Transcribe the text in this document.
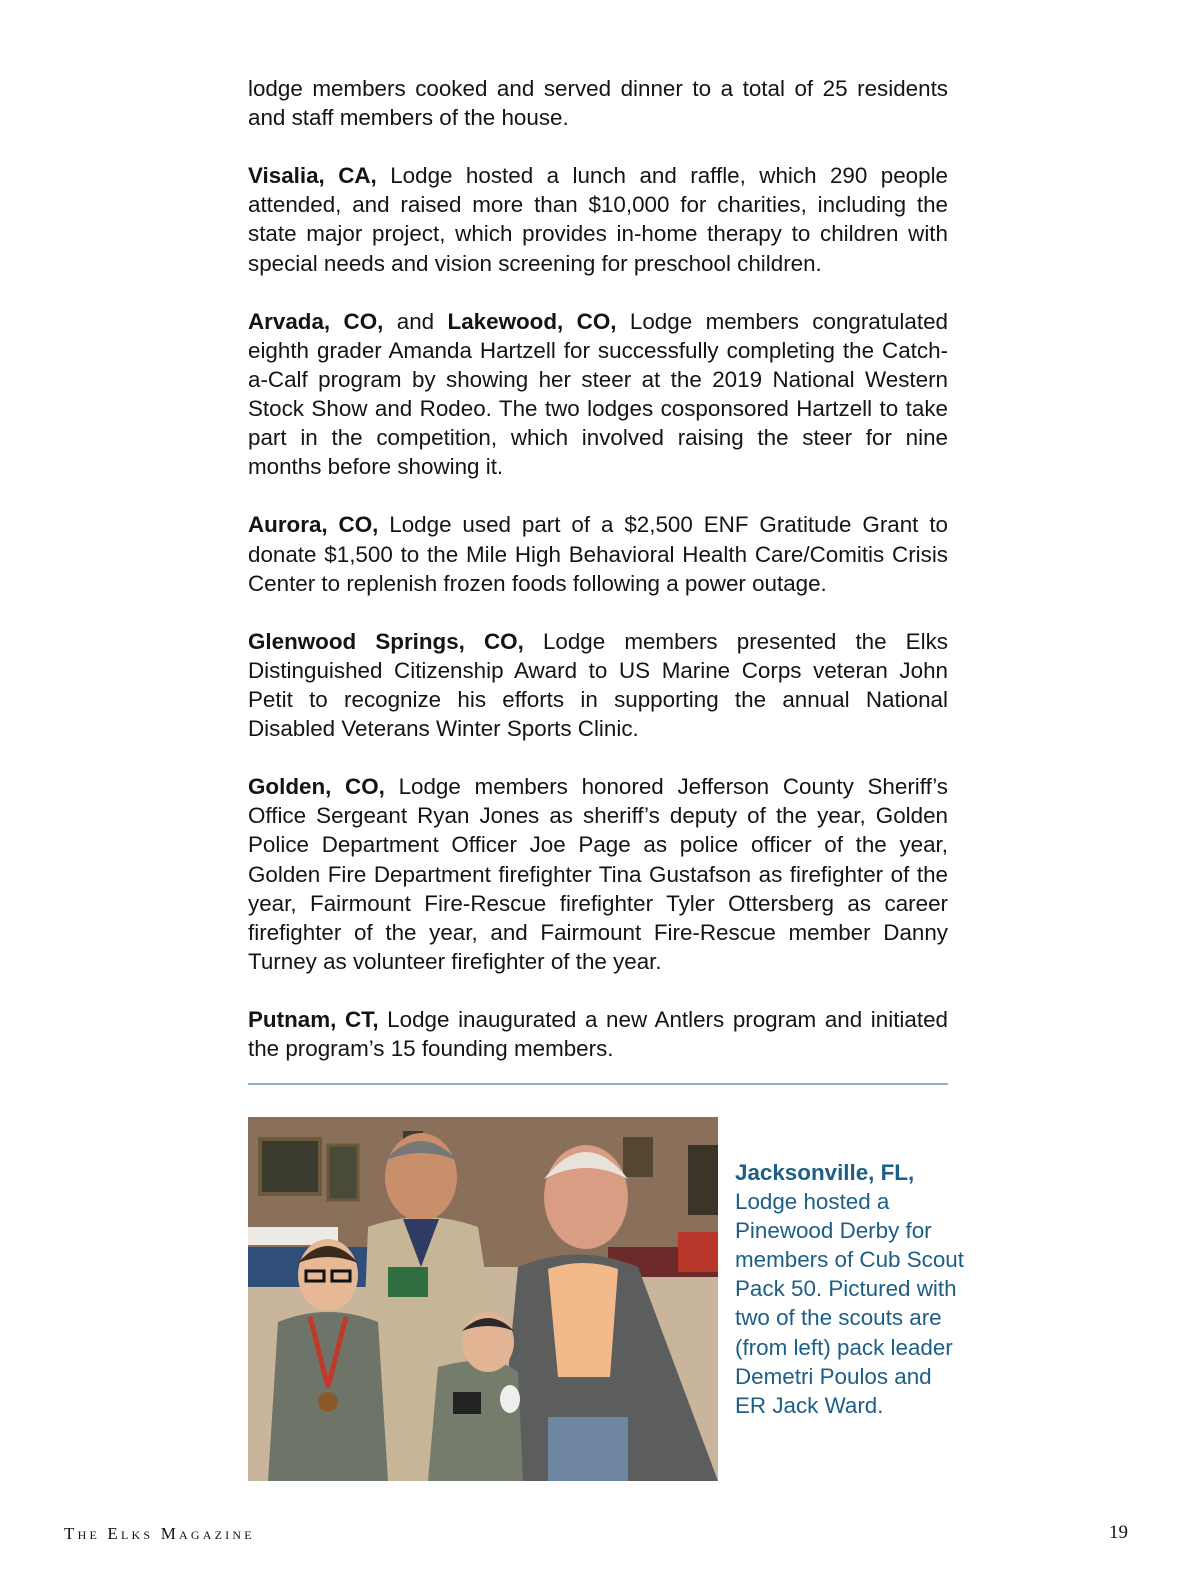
lodge members cooked and served dinner to a total of 25 residents and staff members of the house.

Visalia, CA, Lodge hosted a lunch and raffle, which 290 people attended, and raised more than $10,000 for charities, including the state major project, which provides in-home therapy to children with special needs and vision screening for preschool children.

Arvada, CO, and Lakewood, CO, Lodge members congratulated eighth grader Amanda Hartzell for successfully completing the Catch-a-Calf program by showing her steer at the 2019 National Western Stock Show and Rodeo. The two lodges cosponsored Hartzell to take part in the competition, which involved raising the steer for nine months before showing it.

Aurora, CO, Lodge used part of a $2,500 ENF Gratitude Grant to donate $1,500 to the Mile High Behavioral Health Care/Comitis Crisis Center to replenish frozen foods following a power outage.

Glenwood Springs, CO, Lodge members presented the Elks Distinguished Citizenship Award to US Marine Corps veteran John Petit to recognize his efforts in supporting the annual National Disabled Veterans Winter Sports Clinic.

Golden, CO, Lodge members honored Jefferson County Sheriff’s Office Sergeant Ryan Jones as sheriff’s deputy of the year, Golden Police Department Officer Joe Page as police officer of the year, Golden Fire Department firefighter Tina Gustafson as firefighter of the year, Fairmount Fire-Rescue firefighter Tyler Ottersberg as career firefighter of the year, and Fairmount Fire-Rescue member Danny Turney as volunteer firefighter of the year.

Putnam, CT, Lodge inaugurated a new Antlers program and initiated the program’s 15 founding members.

Jacksonville, FL, Lodge hosted a Pinewood Derby for members of Cub Scout Pack 50. Pictured with two of the scouts are (from left) pack leader Demetri Poulos and ER Jack Ward.
The Elks Magazine	19
